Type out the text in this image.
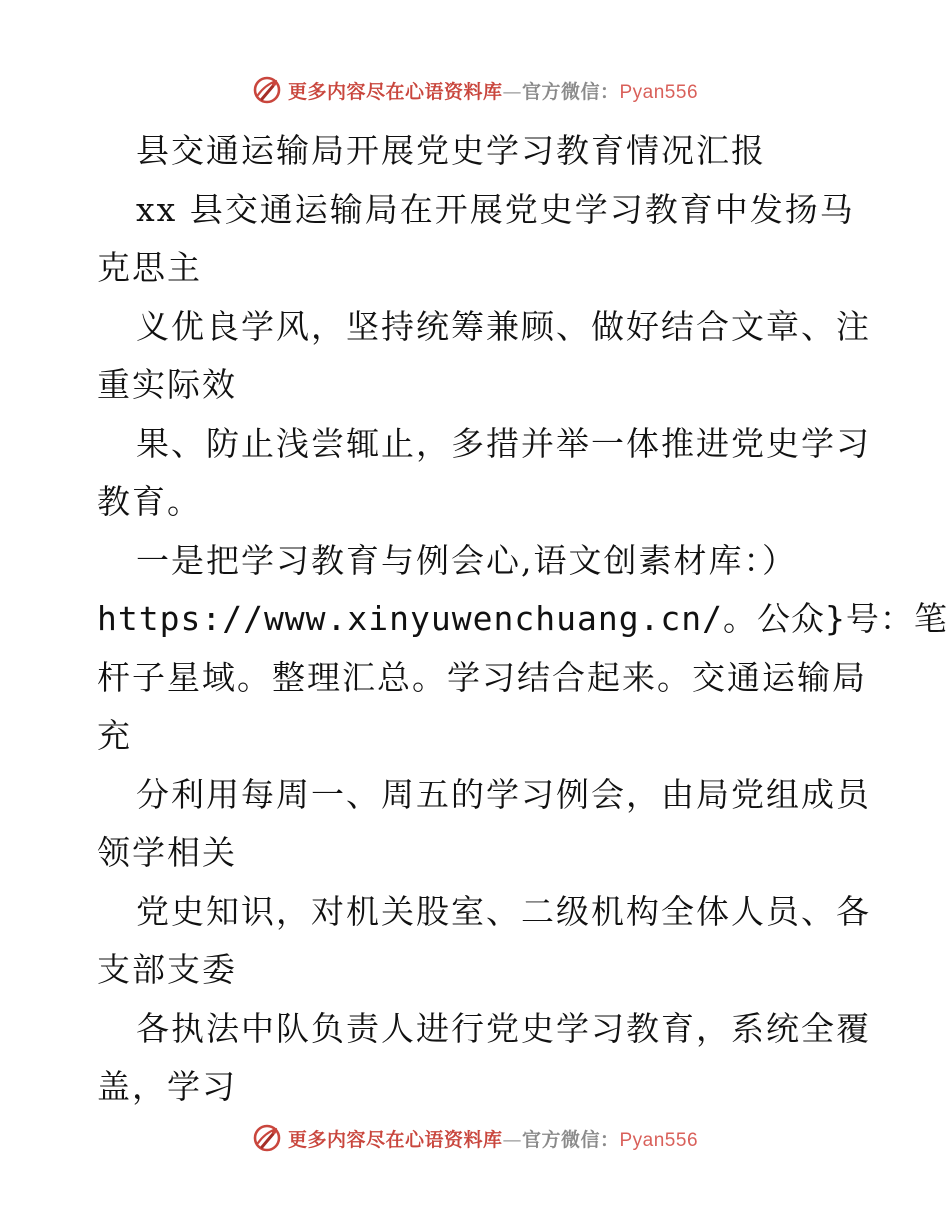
更多内容尽在心语资料库—官方微信：Pyan556
县交通运输局开展党史学习教育情况汇报
xx 县交通运输局在开展党史学习教育中发扬马
克思主
义优良学风，坚持统筹兼顾、做好结合文章、注
重实际效
果、防止浅尝辄止，多措并举一体推进党史学习
教育。
一是把学习教育与例会心,语文创素材库：）
https://www.xinyuwenchuang.cn/。公众}号：笔
杆子星域。整理汇总。学习结合起来。交通运输局
充
分利用每周一、周五的学习例会，由局党组成员
领学相关
党史知识，对机关股室、二级机构全体人员、各
支部支委
各执法中队负责人进行党史学习教育，系统全覆
盖，学习
更多内容尽在心语资料库—官方微信：Pyan556
